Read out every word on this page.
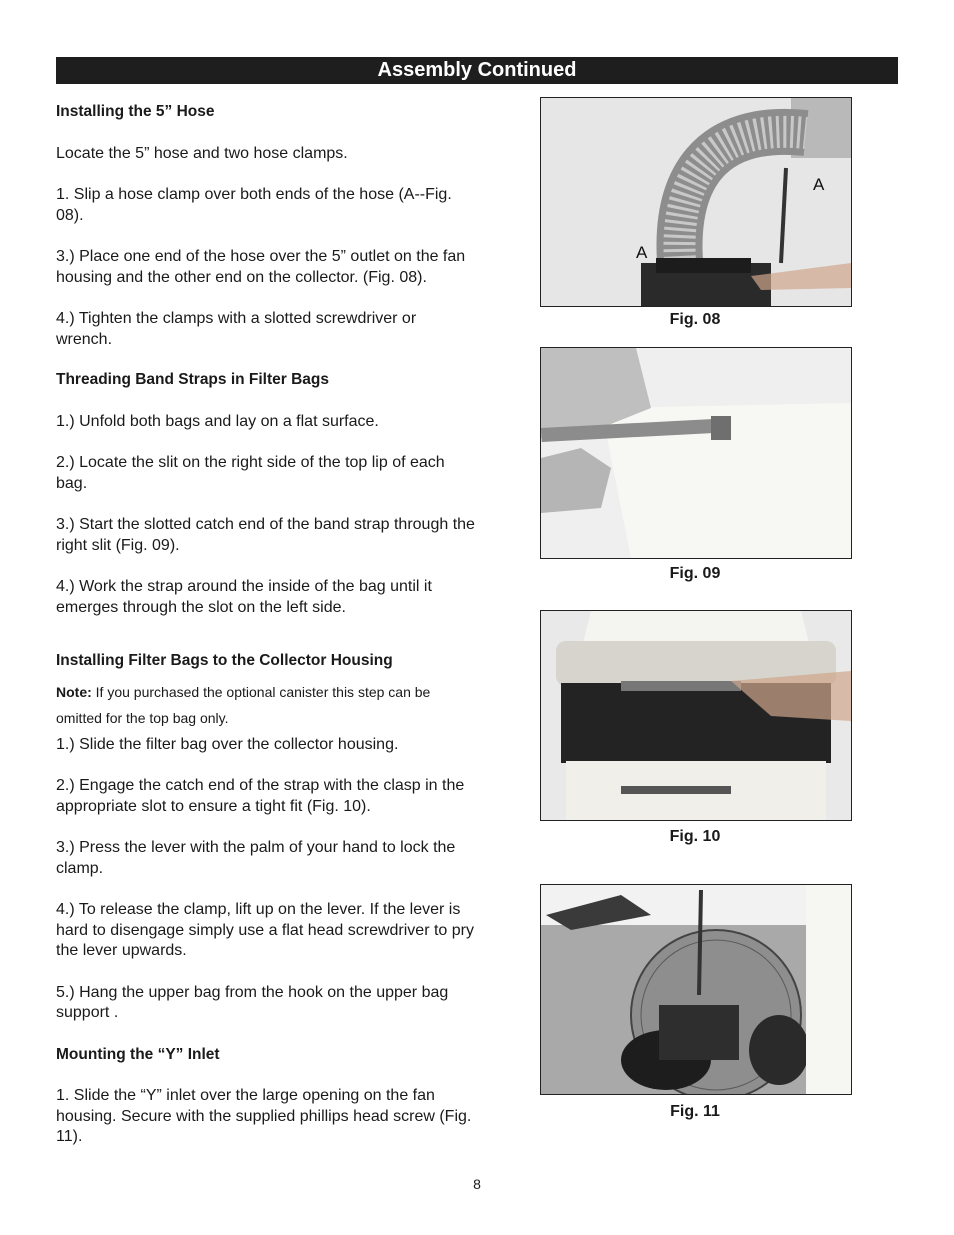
Assembly Continued

Installing the 5” Hose

Locate the 5” hose and two hose clamps.

1. Slip a hose clamp over both ends of the hose (A--Fig. 08).

3.) Place one end of the hose over the 5” outlet on the fan housing and the other end on the collector. (Fig. 08).

4.) Tighten the clamps with a slotted screwdriver or wrench.

Threading Band Straps in Filter Bags

1.) Unfold both bags and lay on a flat surface.

2.) Locate the slit on the right side of the top lip of each bag.

3.) Start the slotted catch end of the band strap through the right slit (Fig. 09).

4.) Work the strap around the inside of the bag until it emerges through the slot on the left side.

Installing Filter Bags to the Collector Housing

Note: If you purchased the optional canister this step can be omitted for the top bag only.

1.) Slide the filter bag over the collector housing.

2.) Engage the catch end of the strap with the clasp in the appropriate slot to ensure a tight fit (Fig. 10).

3.) Press the lever with the palm of your hand to lock the clamp.

4.) To release the clamp, lift up on the lever. If the lever is hard to disengage simply use a flat head screwdriver to pry the lever upwards.

5.) Hang the upper bag from the hook on the upper bag support .

Mounting the “Y” Inlet

1. Slide the “Y” inlet over the large opening on the fan housing. Secure with the supplied phillips head screw (Fig. 11).

A
A
Fig. 08
Fig. 09
Fig. 10
Fig. 11
8
